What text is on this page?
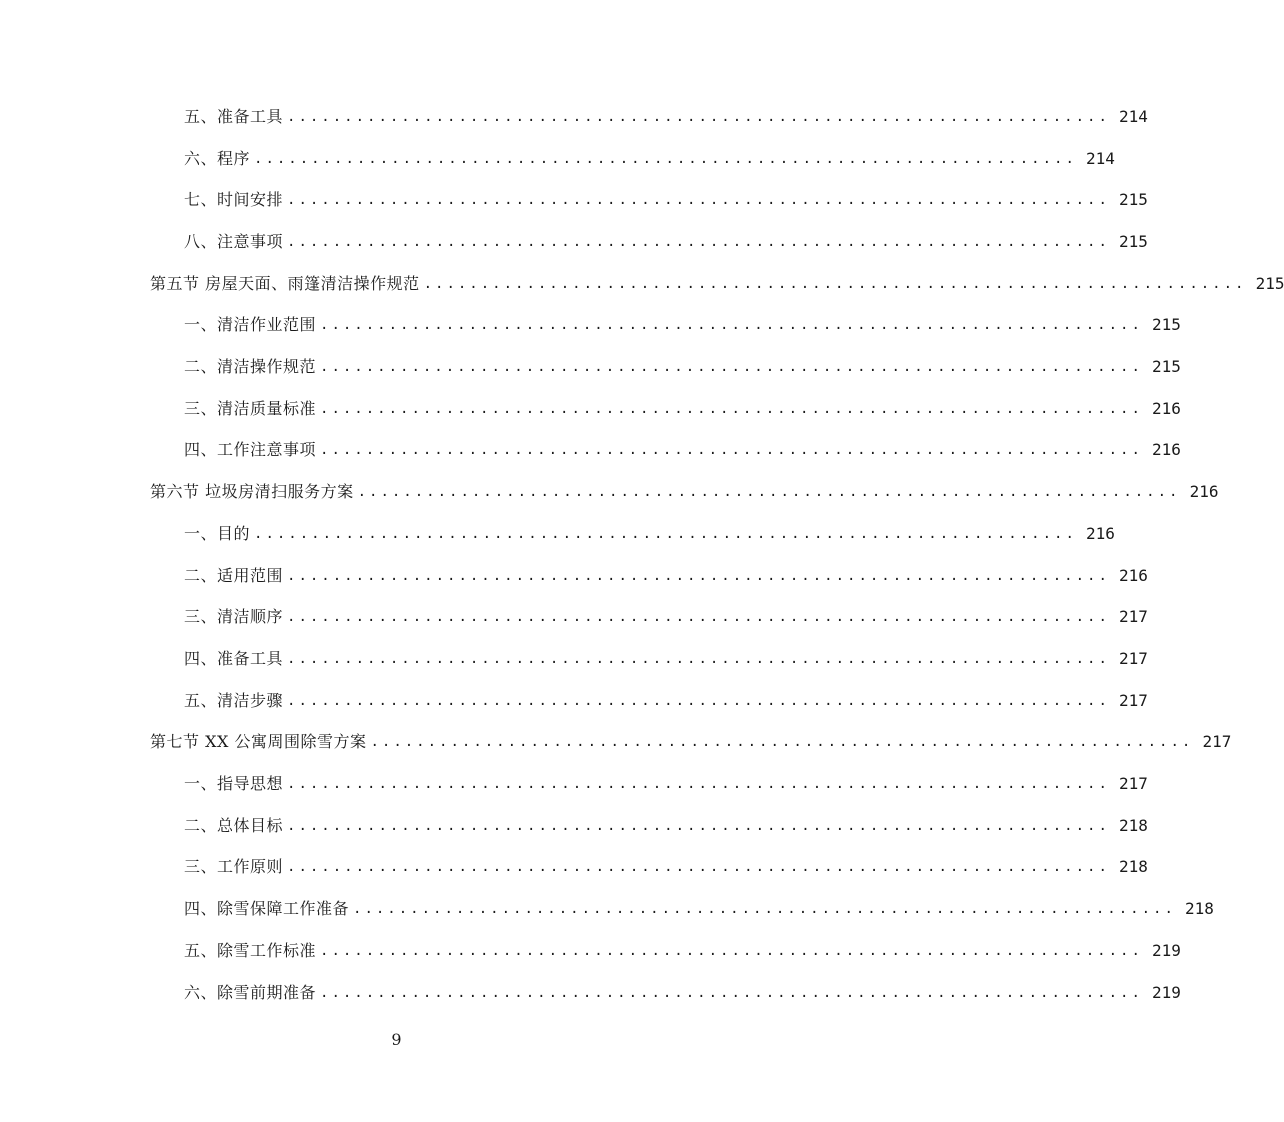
五、准备工具 ........................................................................ 214
六、程序 ........................................................................ 214
七、时间安排 ........................................................................ 215
八、注意事项 ........................................................................ 215
第五节 房屋天面、雨篷清洁操作规范 ........................................................................ 215
一、清洁作业范围 ........................................................................ 215
二、清洁操作规范 ........................................................................ 215
三、清洁质量标准 ........................................................................ 216
四、工作注意事项 ........................................................................ 216
第六节 垃圾房清扫服务方案 ........................................................................ 216
一、目的 ........................................................................ 216
二、适用范围 ........................................................................ 216
三、清洁顺序 ........................................................................ 217
四、准备工具 ........................................................................ 217
五、清洁步骤 ........................................................................ 217
第七节 XX 公寓周围除雪方案 ........................................................................ 217
一、指导思想 ........................................................................ 217
二、总体目标 ........................................................................ 218
三、工作原则 ........................................................................ 218
四、除雪保障工作准备 ........................................................................ 218
五、除雪工作标准 ........................................................................ 219
六、除雪前期准备 ........................................................................ 219
9
